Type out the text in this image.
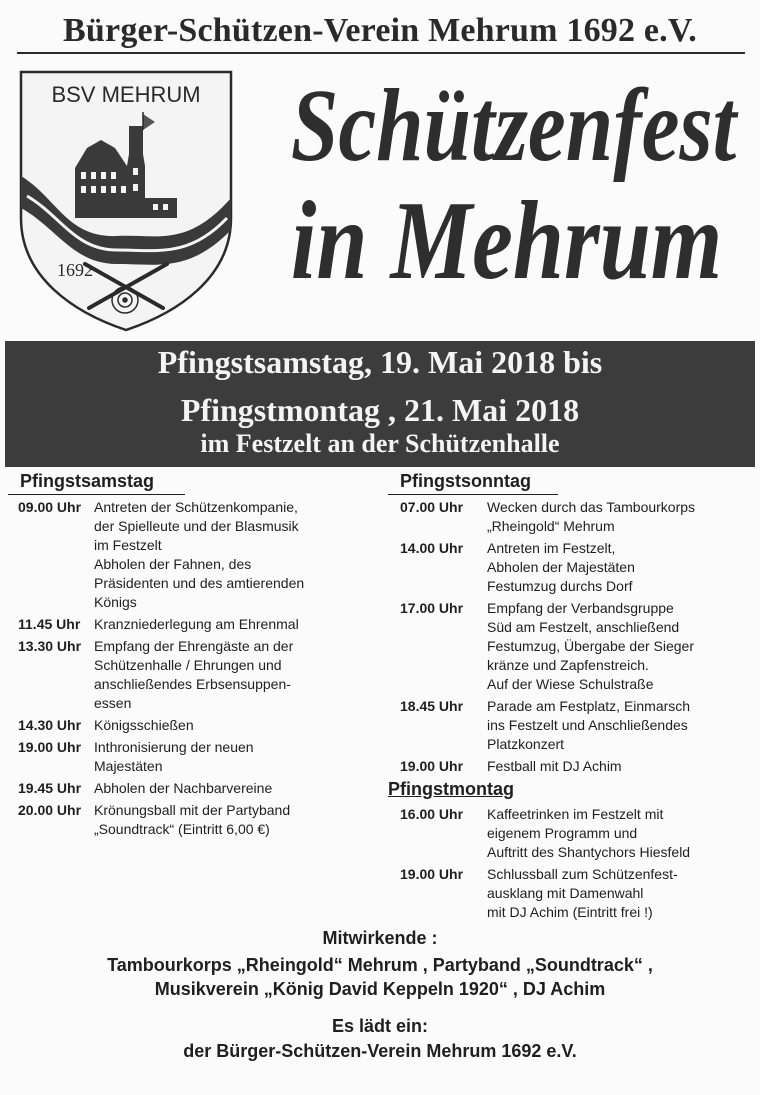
Bürger-Schützen-Verein Mehrum 1692 e.V.
BSV MEHRUM
1692
Schützenfest
in Mehrum
Pfingstsamstag, 19. Mai 2018 bis
Pfingstmontag , 21. Mai 2018
im Festzelt an der Schützenhalle
Pfingstsamstag
09.00 Uhr Antreten der Schützenkompanie,
der Spielleute und der Blasmusik
im Festzelt
Abholen der Fahnen, des
Präsidenten und des amtierenden
Königs
11.45 Uhr Kranzniederlegung am Ehrenmal
13.30 Uhr Empfang der Ehrengäste an der
Schützenhalle / Ehrungen und
anschließendes Erbsensuppen-
essen
14.30 Uhr Königsschießen
19.00 Uhr Inthronisierung der neuen
Majestäten
19.45 Uhr Abholen der Nachbarvereine
20.00 Uhr Krönungsball mit der Partyband
„Soundtrack“ (Eintritt 6,00 €)
Pfingstsonntag
07.00 Uhr	Wecken durch das Tambourkorps
„Rheingold“ Mehrum
14.00 Uhr	Antreten im Festzelt,
Abholen der Majestäten
Festumzug durchs Dorf
17.00 Uhr	Empfang der Verbandsgruppe
Süd am Festzelt, anschließend
Festumzug, Übergabe der Sieger
kränze und Zapfenstreich.
Auf der Wiese Schulstraße
18.45 Uhr	Parade am Festplatz, Einmarsch
ins Festzelt und Anschließendes
Platzkonzert
19.00 Uhr	Festball mit DJ Achim
Pfingstmontag
16.00 Uhr	Kaffeetrinken im Festzelt mit
eigenem Programm und
Auftritt des Shantychors Hiesfeld
19.00 Uhr	Schlussball zum Schützenfest-
ausklang mit Damenwahl
mit DJ Achim (Eintritt frei !)
Mitwirkende :
Tambourkorps „Rheingold“ Mehrum , Partyband „Soundtrack“ ,
Musikverein „König David Keppeln 1920“ , DJ Achim
Es lädt ein:
der Bürger-Schützen-Verein Mehrum 1692 e.V.
